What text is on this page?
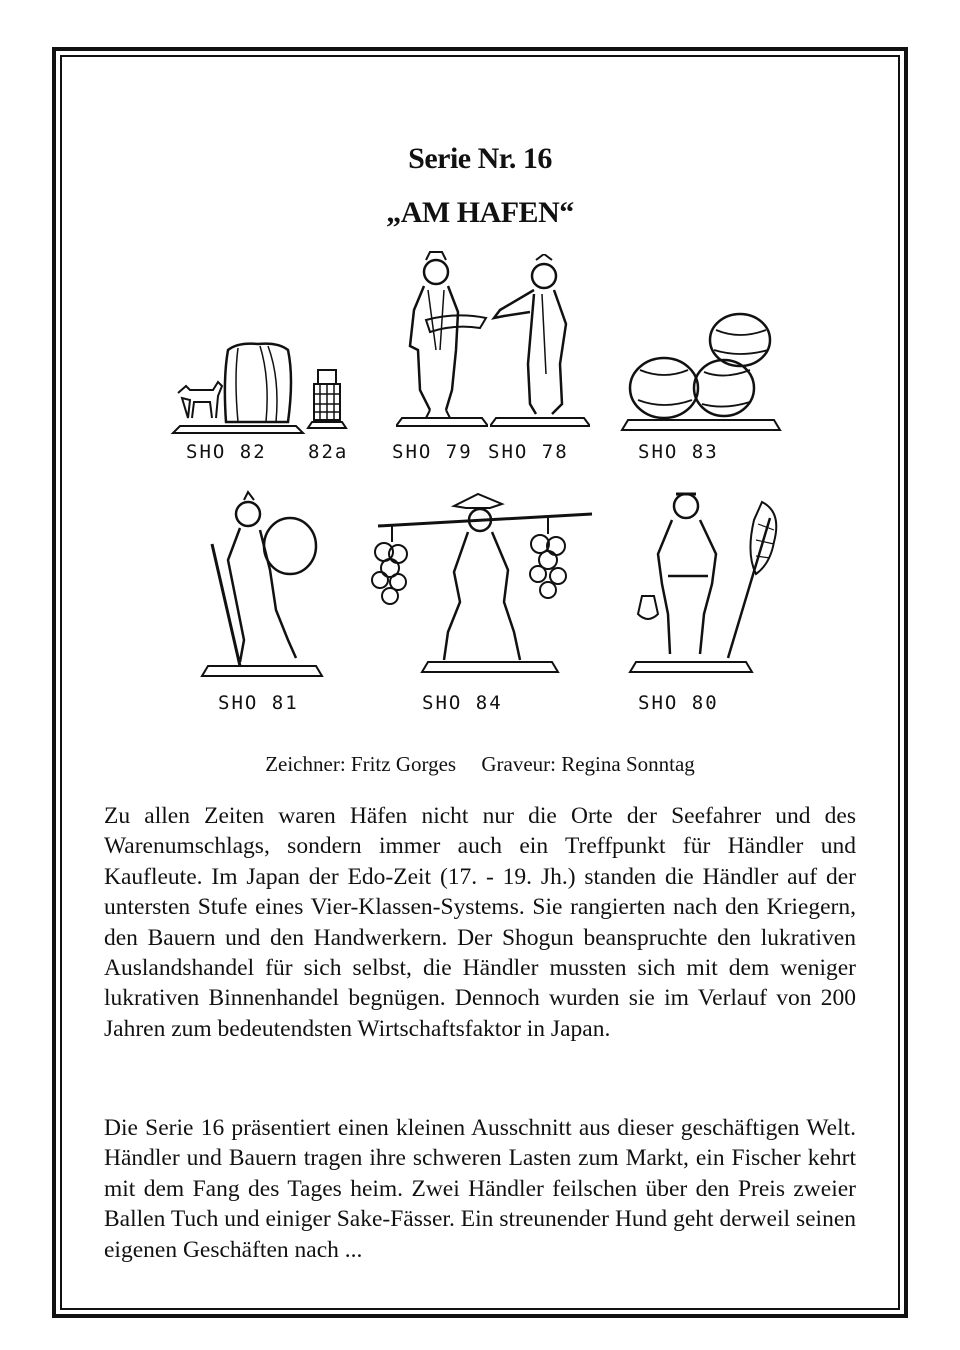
Serie Nr. 16
„AM HAFEN“
SHO 82 82a SHO 79 SHO 78	SHO 83
SHO 81	SHO 84	SHO 80
Zeichner: Fritz Gorges Graveur: Regina Sonntag
Zu allen Zeiten waren Häfen nicht nur die Orte der Seefahrer und des Warenumschlags, sondern immer auch ein Treffpunkt für Händler und Kaufleute. Im Japan der Edo-Zeit (17. - 19. Jh.) standen die Händler auf der untersten Stufe eines Vier-Klassen-Systems. Sie rangierten nach den Kriegern, den Bauern und den Handwerkern. Der Shogun beanspruchte den lukrativen Auslandshandel für sich selbst, die Händler mussten sich mit dem weniger lukrativen Binnenhandel begnügen. Dennoch wurden sie im Verlauf von 200 Jahren zum bedeutendsten Wirtschaftsfaktor in Japan.
Die Serie 16 präsentiert einen kleinen Ausschnitt aus dieser geschäftigen Welt. Händler und Bauern tragen ihre schweren Lasten zum Markt, ein Fischer kehrt mit dem Fang des Tages heim. Zwei Händler feilschen über den Preis zweier Ballen Tuch und einiger Sake-Fässer. Ein streunender Hund geht derweil seinen eigenen Geschäften nach ...
